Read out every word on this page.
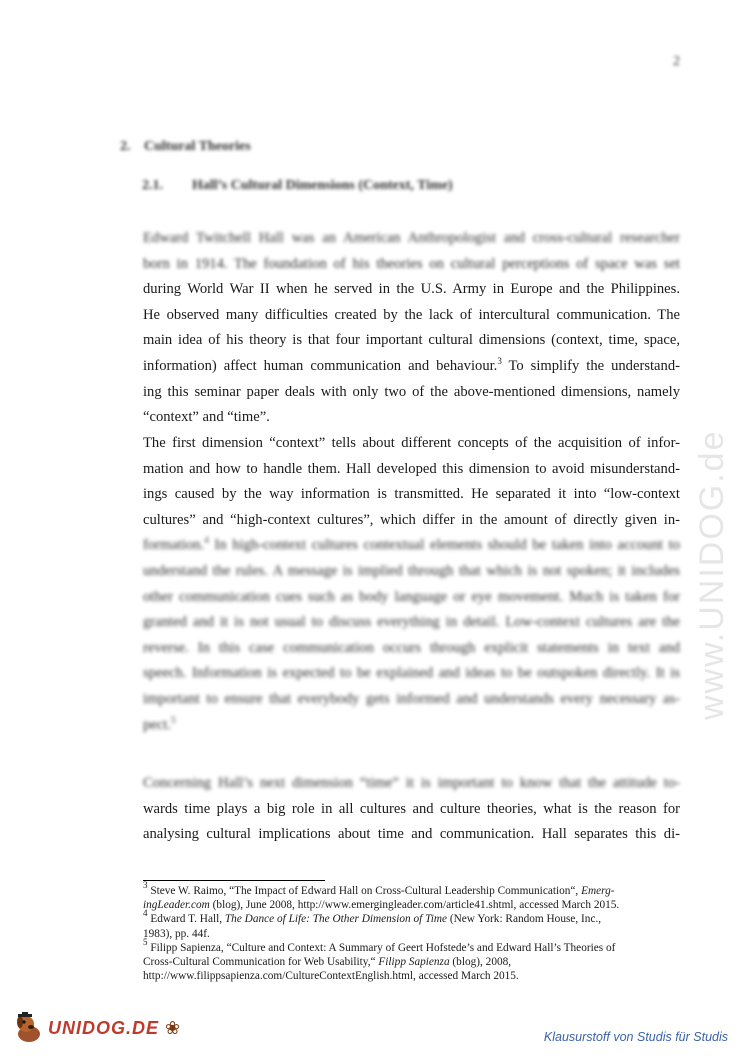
2
2. Cultural Theories
2.1. Hall’s Cultural Dimensions (Context, Time)
Edward Twitchell Hall was an American Anthropologist and cross-cultural researcher
born in 1914. The foundation of his theories on cultural perceptions of space was set
during World War II when he served in the U.S. Army in Europe and the Philippines.
He observed many difficulties created by the lack of intercultural communication. The
main idea of his theory is that four important cultural dimensions (context, time, space,
information) affect human communication and behaviour.$^3$ To simplify the understand-
ing this seminar paper deals with only two of the above-mentioned dimensions, namely
“context” and “time”.
The first dimension “context” tells about different concepts of the acquisition of infor-
mation and how to handle them. Hall developed this dimension to avoid misunderstand-
ings caused by the way information is transmitted. He separated it into “low-context
cultures” and “high-context cultures”, which differ in the amount of directly given in-
formation.$^4$ In high-context cultures contextual elements should be taken into account to
understand the rules. A message is implied through that which is not spoken; it includes
other communication cues such as body language or eye movement. Much is taken for
granted and it is not usual to discuss everything in detail. Low-context cultures are the
reverse. In this case communication occurs through explicit statements in text and
speech. Information is expected to be explained and ideas to be outspoken directly. It is
important to ensure that everybody gets informed and understands every necessary as-
pect.$^5$
Concerning Hall’s next dimension “time” it is important to know that the attitude to-
wards time plays a big role in all cultures and culture theories, what is the reason for
analysing cultural implications about time and communication. Hall separates this di-
$^3$ Steve W. Raimo, “The Impact of Edward Hall on Cross-Cultural Leadership Communication“, Emerg-
ingLeader.com (blog), June 2008, http://www.emergingleader.com/article41.shtml, accessed March 2015.
$^4$ Edward T. Hall, The Dance of Life: The Other Dimension of Time (New York: Random House, Inc.,
1983), pp. 44f.
$^5$ Filipp Sapienza, “Culture and Context: A Summary of Geert Hofstede’s and Edward Hall’s Theories of
Cross-Cultural Communication for Web Usability,“ Filipp Sapienza (blog), 2008,
http://www.filippsapienza.com/CultureContextEnglish.html, accessed March 2015.
www.UNIDOG.de
UNIDOG.DE ❀	Klausurstoff von Studis für Studis
